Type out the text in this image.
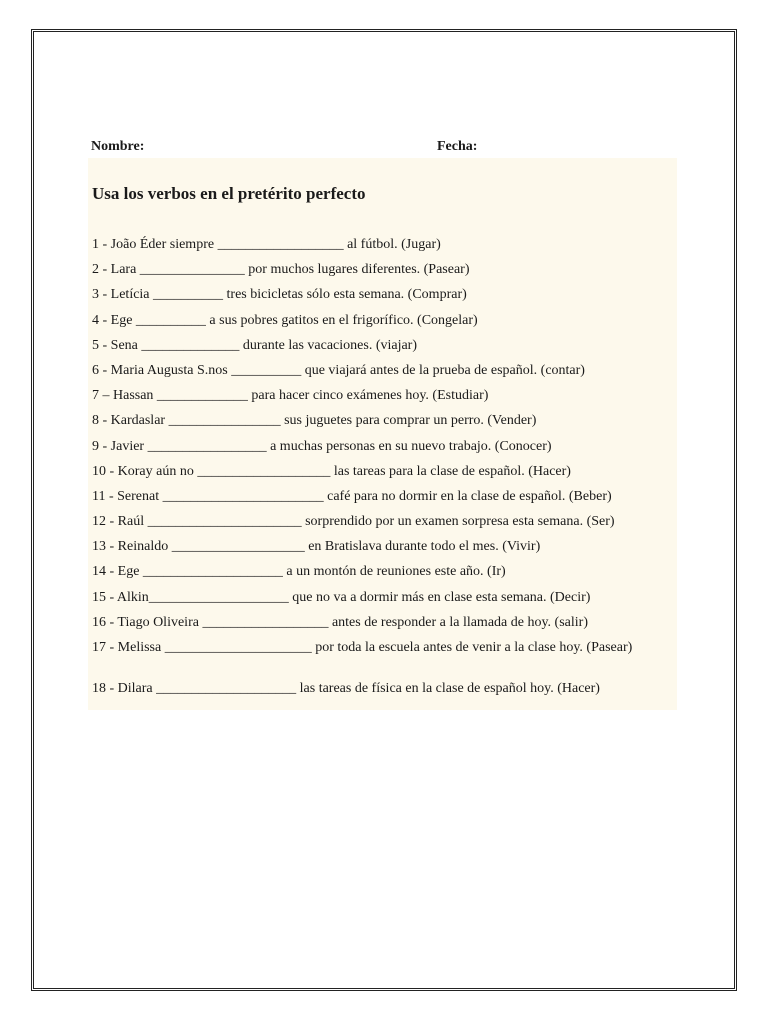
Nombre:	Fecha:
Usa los verbos en el pretérito perfecto
1 - João Éder siempre __________________ al fútbol. (Jugar)
2 - Lara _______________ por muchos lugares diferentes. (Pasear)
3 - Letícia __________ tres bicicletas sólo esta semana. (Comprar)
4 - Ege __________ a sus pobres gatitos en el frigorífico. (Congelar)
5 - Sena ______________ durante las vacaciones. (viajar)
6 - Maria Augusta S.nos __________ que viajará antes de la prueba de español. (contar)
7 – Hassan _____________ para hacer cinco exámenes hoy. (Estudiar)
8 - Kardaslar ________________ sus juguetes para comprar un perro. (Vender)
9 - Javier _________________ a muchas personas en su nuevo trabajo. (Conocer)
10 - Koray aún no ___________________ las tareas para la clase de español. (Hacer)
11 - Serenat _______________________ café para no dormir en la clase de español. (Beber)
12 - Raúl ______________________ sorprendido por un examen sorpresa esta semana. (Ser)
13 - Reinaldo ___________________ en Bratislava durante todo el mes. (Vivir)
14 - Ege ____________________ a un montón de reuniones este año. (Ir)
15 - Alkin____________________ que no va a dormir más en clase esta semana. (Decir)
16 - Tiago Oliveira __________________ antes de responder a la llamada de hoy. (salir)
17 - Melissa _____________________ por toda la escuela antes de venir a la clase hoy. (Pasear)
18 - Dilara ____________________ las tareas de física en la clase de español hoy. (Hacer)
